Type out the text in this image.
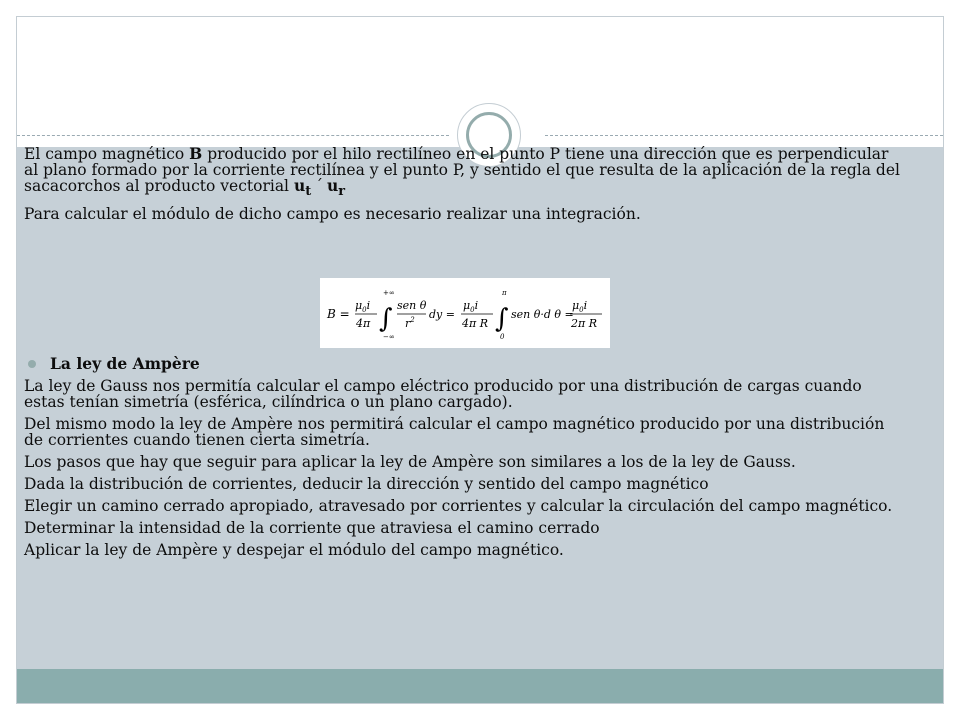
El campo magnético B producido por el hilo rectilíneo en el punto P tiene una dirección que es perpendicular al plano formado por la corriente rectilínea y el punto P, y sentido el que resulta de la aplicación de la regla del sacacorchos al producto vectorial $u_t$ ´ $u_r$

Para calcular el módulo de dicho campo es necesario realizar una integración.

B =
$\mu_0i$
4π ∫
+∞
−∞
sen θ
$r^2$ dy =
$\mu_0i$
4π R ∫
π
0
sen θ·d θ =
$\mu_0i$
2π R
La ley de Ampère

La ley de Gauss nos permitía calcular el campo eléctrico producido por una distribución de cargas cuando estas tenían simetría (esférica, cilíndrica o un plano cargado).

Del mismo modo la ley de Ampère nos permitirá calcular el campo magnético producido por una distribución de corrientes cuando tienen cierta simetría.

Los pasos que hay que seguir para aplicar la ley de Ampère son similares a los de la ley de Gauss.

Dada la distribución de corrientes, deducir la dirección y sentido del campo magnético

Elegir un camino cerrado apropiado, atravesado por corrientes y calcular la circulación del campo magnético.

Determinar la intensidad de la corriente que atraviesa el camino cerrado

Aplicar la ley de Ampère y despejar el módulo del campo magnético.
